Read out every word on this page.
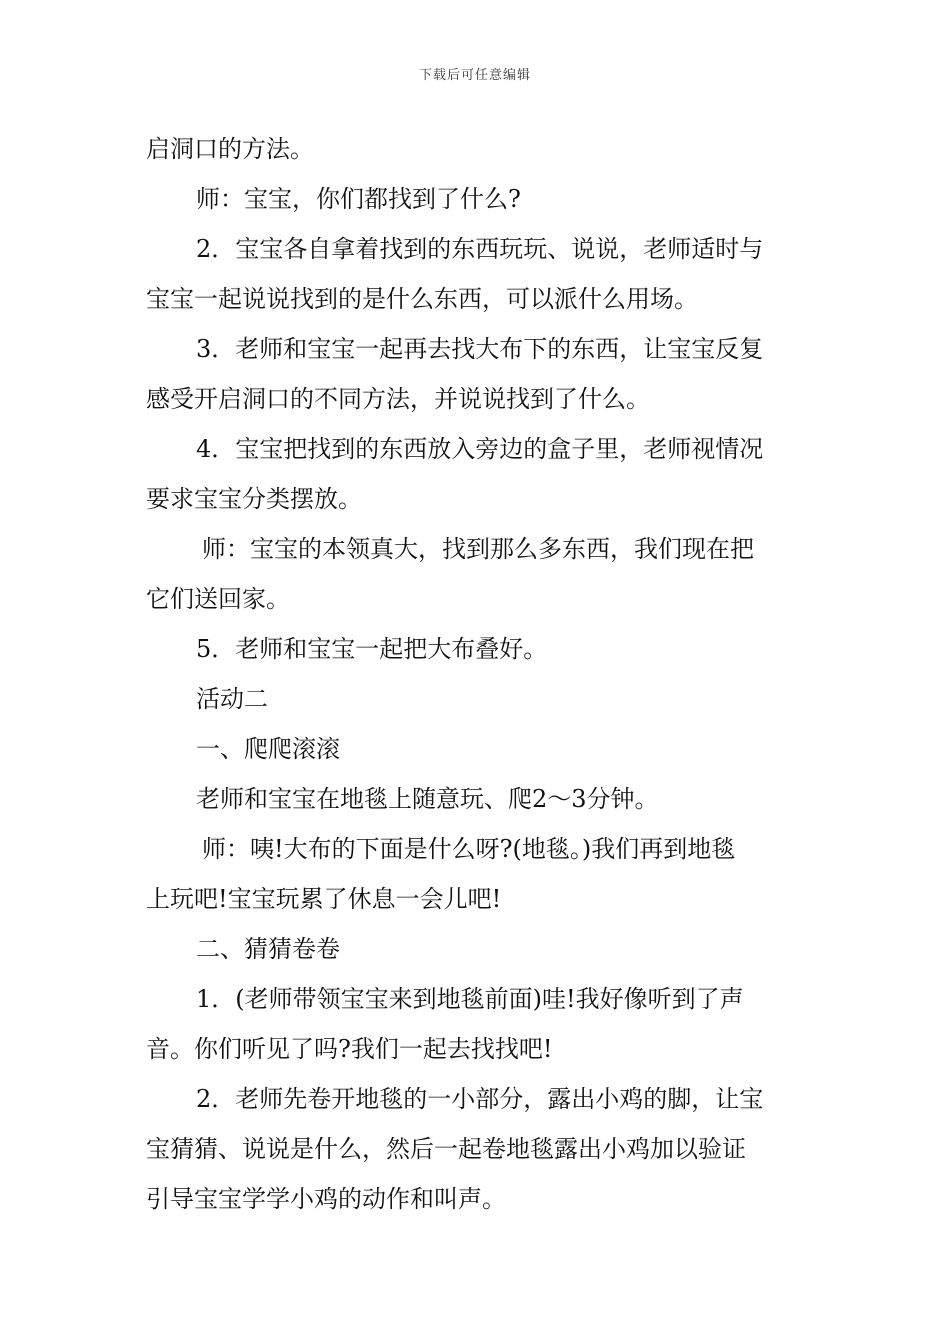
下载后可任意编辑
启洞口的方法。
师：宝宝，你们都找到了什么?
2．宝宝各自拿着找到的东西玩玩、说说，老师适时与
宝宝一起说说找到的是什么东西，可以派什么用场。
3．老师和宝宝一起再去找大布下的东西，让宝宝反复
感受开启洞口的不同方法，并说说找到了什么。
4．宝宝把找到的东西放入旁边的盒子里，老师视情况
要求宝宝分类摆放。
师：宝宝的本领真大，找到那么多东西，我们现在把
它们送回家。
5．老师和宝宝一起把大布叠好。
活动二
一、爬爬滚滚
老师和宝宝在地毯上随意玩、爬2～3分钟。
师：咦!大布的下面是什么呀?(地毯。)我们再到地毯
上玩吧!宝宝玩累了休息一会儿吧!
二、猜猜卷卷
1．(老师带领宝宝来到地毯前面)哇!我好像听到了声
音。你们听见了吗?我们一起去找找吧!
2．老师先卷开地毯的一小部分，露出小鸡的脚，让宝
宝猜猜、说说是什么，然后一起卷地毯露出小鸡加以验证
引导宝宝学学小鸡的动作和叫声。
